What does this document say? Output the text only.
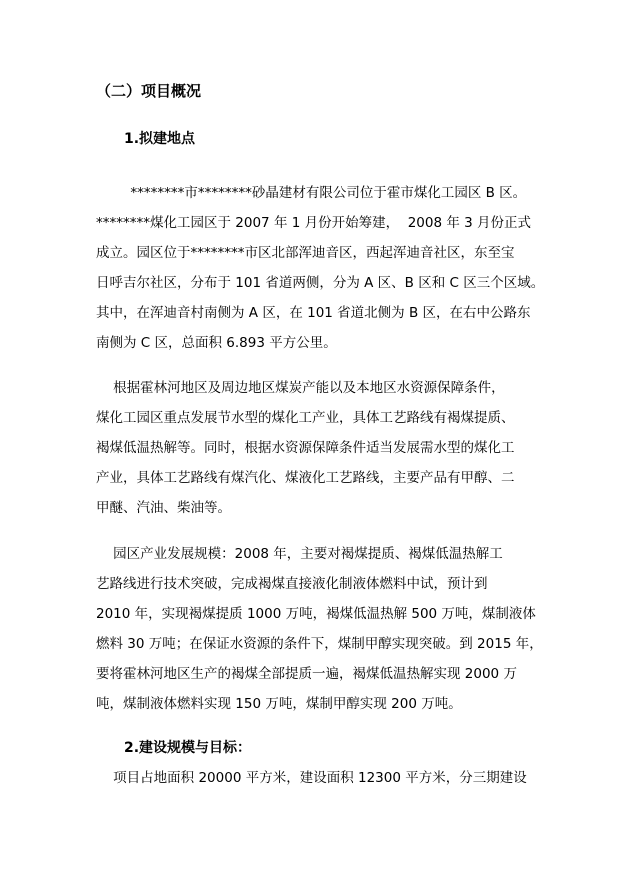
（二）项目概况
1.拟建地点
********市********砂晶建材有限公司位于霍市煤化工园区 B 区。
********煤化工园区于 2007 年 1 月份开始筹建，  2008 年 3 月份正式
成立。园区位于********市区北部浑迪音区，西起浑迪音社区，东至宝
日呼吉尔社区，分布于 101 省道两侧，分为 A 区、B 区和 C 区三个区域。
其中，在浑迪音村南侧为 A 区，在 101 省道北侧为 B 区，在右中公路东
南侧为 C 区，总面积 6.893 平方公里。
根据霍林河地区及周边地区煤炭产能以及本地区水资源保障条件，
煤化工园区重点发展节水型的煤化工产业，具体工艺路线有褐煤提质、
褐煤低温热解等。同时，根据水资源保障条件适当发展需水型的煤化工
产业，具体工艺路线有煤汽化、煤液化工艺路线，主要产品有甲醇、二
甲醚、汽油、柴油等。
园区产业发展规模：2008 年，主要对褐煤提质、褐煤低温热解工
艺路线进行技术突破，完成褐煤直接液化制液体燃料中试，预计到
2010 年，实现褐煤提质 1000 万吨，褐煤低温热解 500 万吨，煤制液体
燃料 30 万吨；在保证水资源的条件下，煤制甲醇实现突破。到 2015 年，
要将霍林河地区生产的褐煤全部提质一遍，褐煤低温热解实现 2000 万
吨，煤制液体燃料实现 150 万吨，煤制甲醇实现 200 万吨。
2.建设规模与目标：
项目占地面积 20000 平方米，建设面积 12300 平方米，分三期建设
